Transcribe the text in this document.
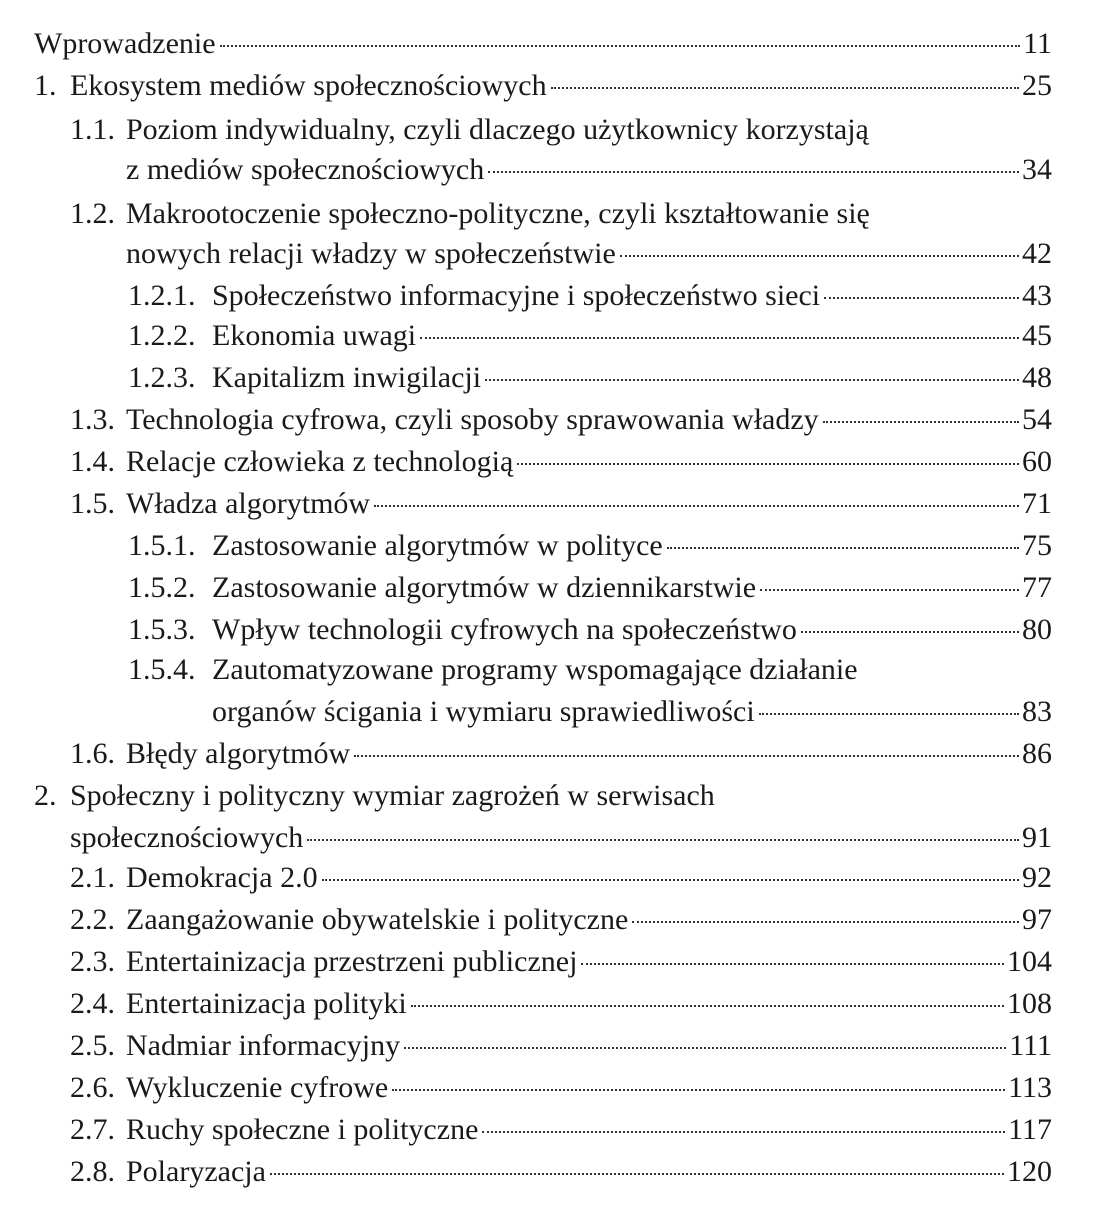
Wprowadzenie	11
1. Ekosystem mediów społecznościowych	25
1.1. Poziom indywidualny, czyli dlaczego użytkownicy korzystają
z mediów społecznościowych	34
1.2. Makrootoczenie społeczno-polityczne, czyli kształtowanie się
nowych relacji władzy w społeczeństwie	42
1.2.1. Społeczeństwo informacyjne i społeczeństwo sieci	43
1.2.2. Ekonomia uwagi	45
1.2.3. Kapitalizm inwigilacji	48
1.3. Technologia cyfrowa, czyli sposoby sprawowania władzy	54
1.4. Relacje człowieka z technologią	60
1.5. Władza algorytmów	71
1.5.1. Zastosowanie algorytmów w polityce	75
1.5.2. Zastosowanie algorytmów w dziennikarstwie	77
1.5.3. Wpływ technologii cyfrowych na społeczeństwo	80
1.5.4. Zautomatyzowane programy wspomagające działanie
organów ścigania i wymiaru sprawiedliwości	83
1.6. Błędy algorytmów	86
2. Społeczny i polityczny wymiar zagrożeń w serwisach
społecznościowych	91
2.1. Demokracja 2.0	92
2.2. Zaangażowanie obywatelskie i polityczne	97
2.3. Entertainizacja przestrzeni publicznej	104
2.4. Entertainizacja polityki	108
2.5. Nadmiar informacyjny	111
2.6. Wykluczenie cyfrowe	113
2.7. Ruchy społeczne i polityczne	117
2.8. Polaryzacja	120
